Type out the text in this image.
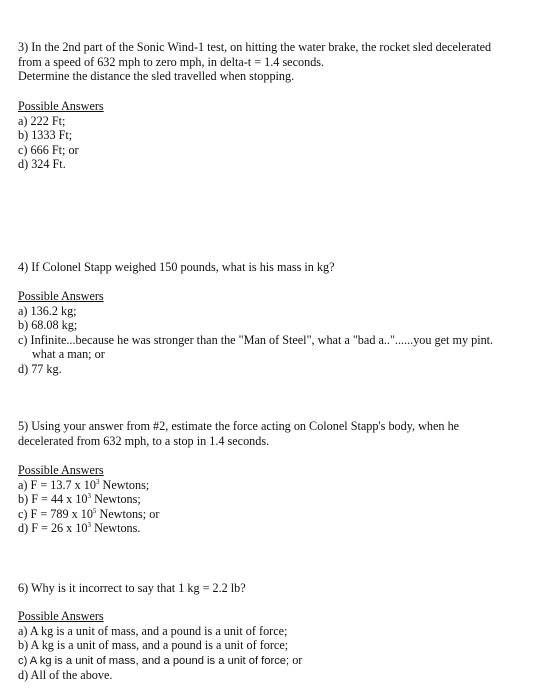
3) In the 2nd part of the Sonic Wind-1 test, on hitting the water brake, the rocket sled decelerated
from a speed of 632 mph to zero mph, in delta-t = 1.4 seconds.
Determine the distance the sled travelled when stopping.
Possible Answers
a) 222 Ft;
b) 1333 Ft;
c) 666 Ft; or
d) 324 Ft.
4) If Colonel Stapp weighed 150 pounds, what is his mass in kg?
Possible Answers
a) 136.2 kg;
b) 68.08 kg;
c) Infinite...because he was stronger than the "Man of Steel", what a "bad a.."......you get my pint.
what a man; or
d) 77 kg.
5) Using your answer from #2, estimate the force acting on Colonel Stapp's body, when he
decelerated from 632 mph, to a stop in 1.4 seconds.
Possible Answers
a) F = 13.7 x $10^3$ Newtons;
b) F = 44 x $10^3$ Newtons;
c) F = 789 x $10^5$ Newtons; or
d) F = 26 x $10^3$ Newtons.
6) Why is it incorrect to say that 1 kg = 2.2 lb?
Possible Answers
a) A kg is a unit of mass, and a pound is a unit of force;
b) A kg is a unit of mass, and a pound is a unit of force;
c) A kg is a unit of mass, and a pound is a unit of force; or
d) All of the above.
